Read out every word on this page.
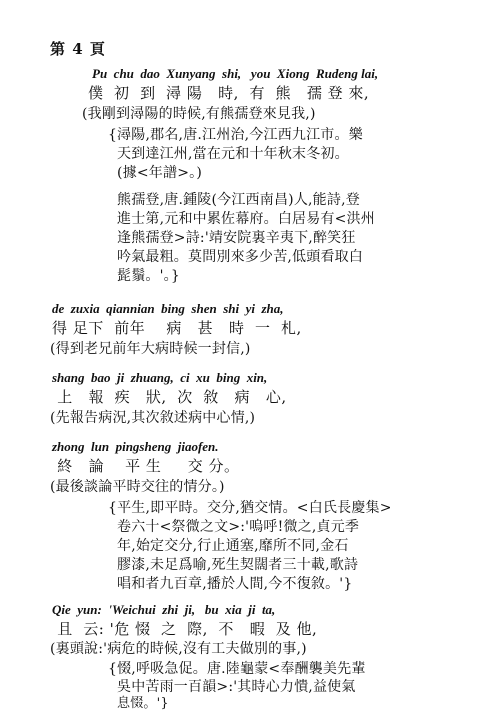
第 4 頁
Pu  chu  dao  Xunyang  shi,   you  Xiong  Rudeng lai,
僕  初  到  潯 陽   時,  有  熊   孺 登 來,
(我剛到潯陽的時候,有熊孺登來見我,)
{潯陽,郡名,唐.江州治,今江西九江市。樂
天到達江州,當在元和十年秋末冬初。
(據<年譜>。)
熊孺登,唐.鍾陵(今江西南昌)人,能詩,登
進士第,元和中累佐幕府。白居易有<洪州
逢熊孺登>詩:'靖安院裏辛夷下,醉笑狂
吟氣最粗。莫問別來多少苦,低頭看取白
髭鬚。'。}
de  zuxia  qiannian  bing  shen  shi  yi  zha,
得 足下  前年    病   甚   時  一  札,
(得到老兄前年大病時候一封信,)
shang  bao  ji  zhuang,  ci  xu  bing  xin,
上   報  疾   狀,  次  敘   病   心,
(先報告病況,其次敘述病中心情,)
zhong  lun  pingsheng  jiaofen.
終   論    平 生     交 分。
(最後談論平時交往的情分。)
{平生,即平時。交分,猶交情。<白氏長慶集>
卷六十<祭微之文>:'嗚呼!微之,貞元季
年,始定交分,行止通塞,靡所不同,金石
膠漆,未足爲喻,死生契闊者三十載,歌詩
唱和者九百章,播於人間,今不復敘。'}
Qie  yun:  'Weichui  zhi  ji,   bu  xia  ji  ta,
且  云: '危 惙  之  際,  不   暇  及 他,
(裏頭說:'病危的時候,沒有工夫做別的事,)
{惙,呼吸急促。唐.陸龜蒙<奉酬襲美先輩
吳中苦雨一百韻>:'其時心力憒,益使氣
息惙。'}
